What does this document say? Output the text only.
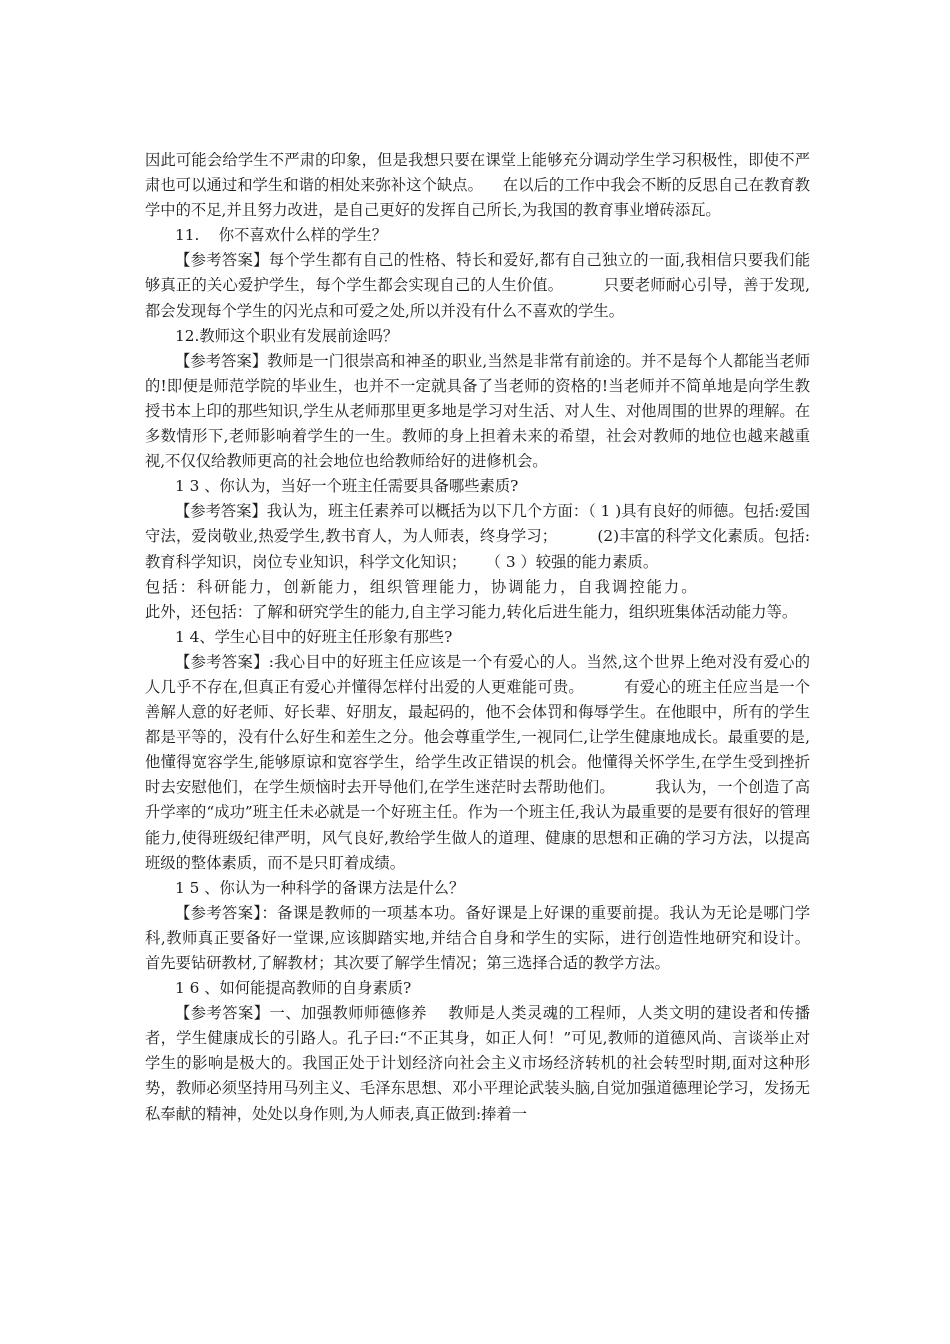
因此可能会给学生不严肃的印象，但是我想只要在课堂上能够充分调动学生学习积极性，即使不严肃也可以通过和学生和谐的相处来弥补这个缺点。    在以后的工作中我会不断的反思自己在教育教学中的不足,并且努力改进，是自己更好的发挥自己所长,为我国的教育事业增砖添瓦。

11.    你不喜欢什么样的学生？

【参考答案】每个学生都有自己的性格、特长和爱好,都有自己独立的一面,我相信只要我们能够真正的关心爱护学生，每个学生都会实现自己的人生价值。        只要老师耐心引导，善于发现,都会发现每个学生的闪光点和可爱之处,所以并没有什么不喜欢的学生。

12.教师这个职业有发展前途吗？

【参考答案】教师是一门很崇高和神圣的职业,当然是非常有前途的。并不是每个人都能当老师的!即便是师范学院的毕业生，也并不一定就具备了当老师的资格的!当老师并不简单地是向学生教授书本上印的那些知识,学生从老师那里更多地是学习对生活、对人生、对他周围的世界的理解。在多数情形下,老师影响着学生的一生。教师的身上担着未来的希望，社会对教师的地位也越来越重视,不仅仅给教师更高的社会地位也给教师给好的进修机会。

1 3 、你认为，当好一个班主任需要具备哪些素质?

【参考答案】我认为，班主任素养可以概括为以下几个方面：（ 1 )具有良好的师德。包括:爱国守法，爱岗敬业,热爱学生,教书育人，为人师表，终身学习；        (2)丰富的科学文化素质。包括:教育科学知识，岗位专业知识，科学文化知识；    （ 3 ）较强的能力素质。

包括：科研能力，创新能力，组织管理能力，协调能力，自我调控能力。

此外，还包括：了解和研究学生的能力,自主学习能力,转化后进生能力，组织班集体活动能力等。

1 4、学生心目中的好班主任形象有那些?

【参考答案】:我心目中的好班主任应该是一个有爱心的人。当然,这个世界上绝对没有爱心的人几乎不存在,但真正有爱心并懂得怎样付出爱的人更难能可贵。        有爱心的班主任应当是一个善解人意的好老师、好长辈、好朋友，最起码的，他不会体罚和侮辱学生。在他眼中，所有的学生都是平等的，没有什么好生和差生之分。他会尊重学生,一视同仁,让学生健康地成长。最重要的是,他懂得宽容学生,能够原谅和宽容学生，给学生改正错误的机会。他懂得关怀学生,在学生受到挫折时去安慰他们，在学生烦恼时去开导他们,在学生迷茫时去帮助他们。        我认为，一个创造了高升学率的“成功”班主任未必就是一个好班主任。作为一个班主任,我认为最重要的是要有很好的管理能力,使得班级纪律严明，风气良好,教给学生做人的道理、健康的思想和正确的学习方法，以提高班级的整体素质，而不是只盯着成绩。

1 5 、你认为一种科学的备课方法是什么？

【参考答案】：备课是教师的一项基本功。备好课是上好课的重要前提。我认为无论是哪门学科,教师真正要备好一堂课,应该脚踏实地,并结合自身和学生的实际，进行创造性地研究和设计。    首先要钻研教材,了解教材；其次要了解学生情况；第三选择合适的教学方法。

1 6 、如何能提高教师的自身素质?

【参考答案】一、加强教师师德修养    教师是人类灵魂的工程师，人类文明的建设者和传播者，学生健康成长的引路人。孔子曰:“不正其身，如正人何！”可见,教师的道德风尚、言谈举止对学生的影响是极大的。我国正处于计划经济向社会主义市场经济转机的社会转型时期,面对这种形势，教师必须坚持用马列主义、毛泽东思想、邓小平理论武装头脑,自觉加强道德理论学习，发扬无私奉献的精神，处处以身作则,为人师表,真正做到:捧着一
